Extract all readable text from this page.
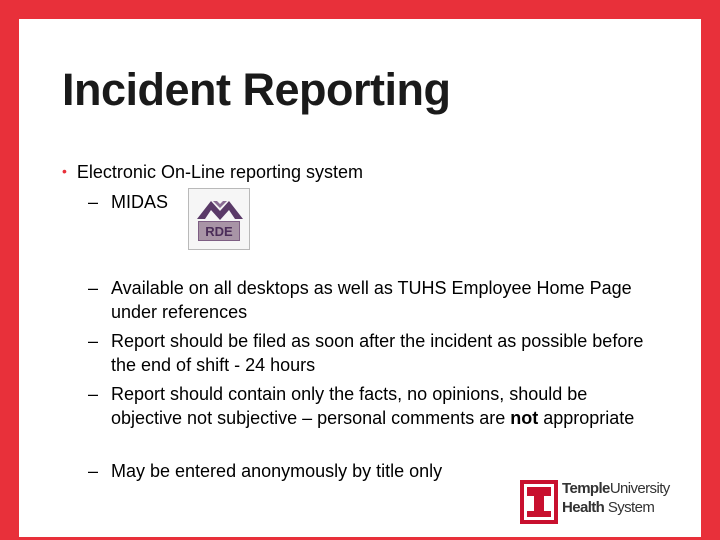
Incident Reporting
• Electronic On-Line reporting system
– MIDAS
RDE
– Available on all desktops as well as TUHS Employee Home Page under references
– Report should be filed as soon after the incident as possible before the end of shift - 24 hours
– Report should contain only the facts, no opinions, should be objective not subjective – personal comments are not appropriate
– May be entered anonymously by title only
TempleUniversity
Health System
